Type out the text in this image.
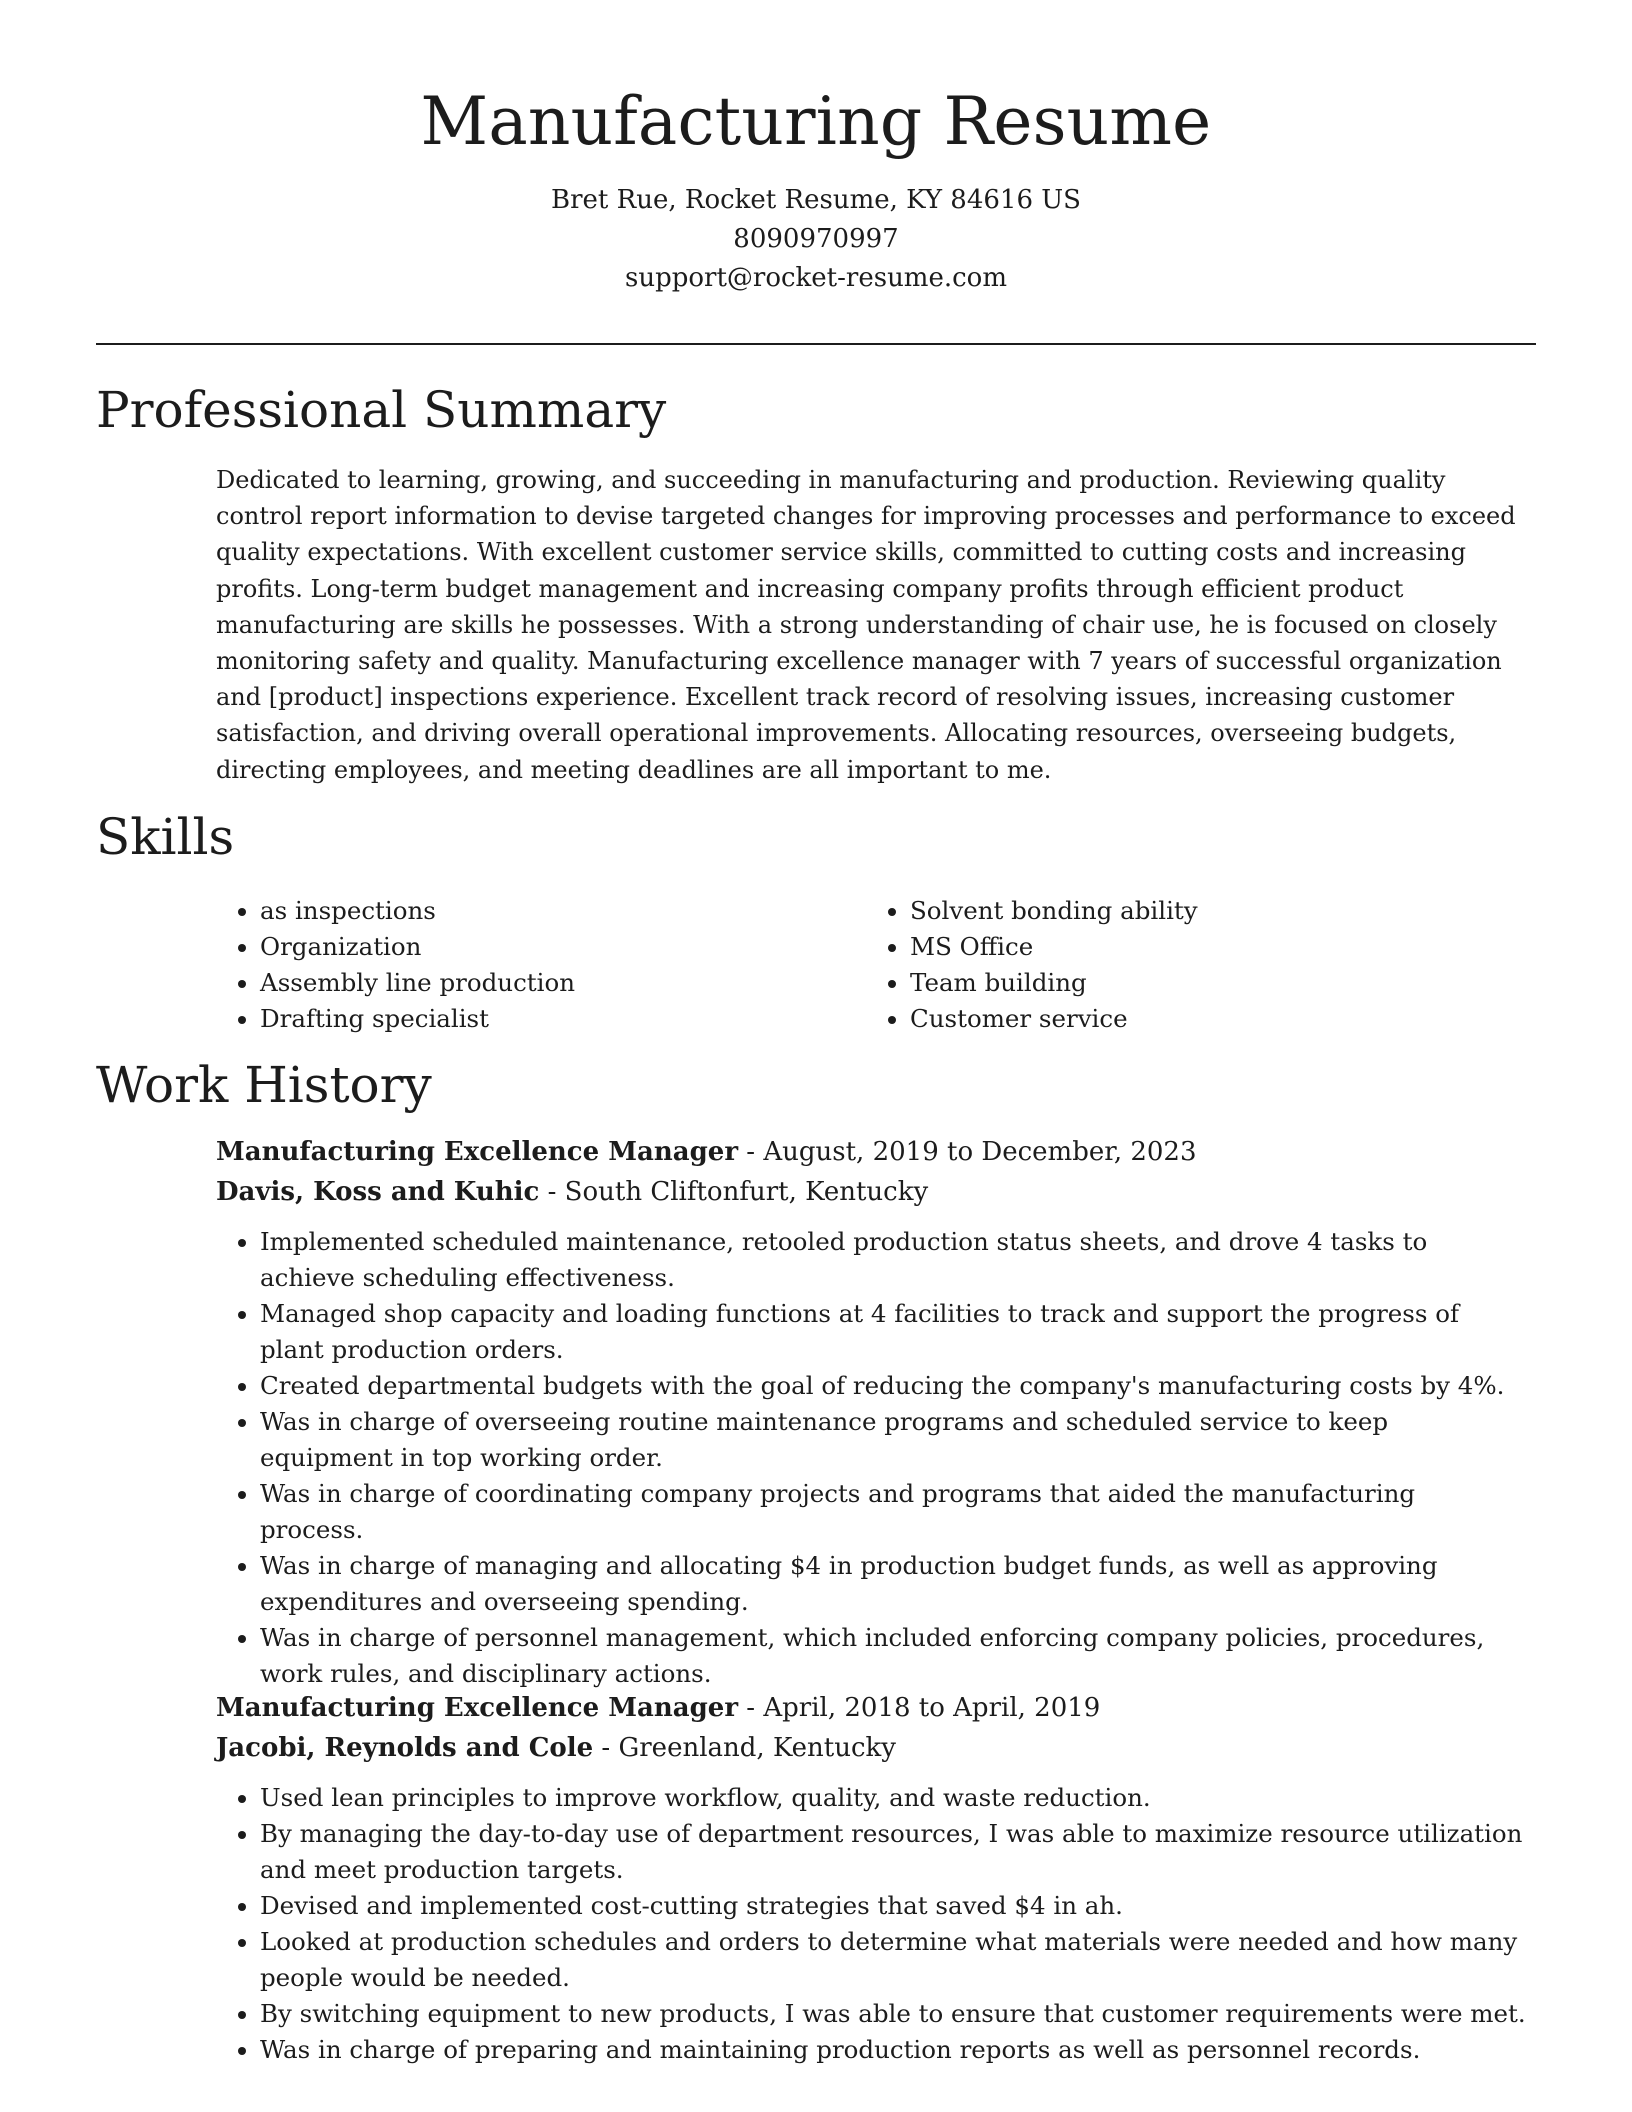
Manufacturing Resume

Bret Rue, Rocket Resume, KY 84616 US

8090970997

support@rocket-resume.com

Professional Summary

Dedicated to learning, growing, and succeeding in manufacturing and production. Reviewing quality control report information to devise targeted changes for improving processes and performance to exceed quality expectations. With excellent customer service skills, committed to cutting costs and increasing profits. Long-term budget management and increasing company profits through efficient product manufacturing are skills he possesses. With a strong understanding of chair use, he is focused on closely monitoring safety and quality. Manufacturing excellence manager with 7 years of successful organization and [product] inspections experience. Excellent track record of resolving issues, increasing customer satisfaction, and driving overall operational improvements. Allocating resources, overseeing budgets, directing employees, and meeting deadlines are all important to me.

Skills
• as inspections
• Organization
• Assembly line production
• Drafting specialist
• Solvent bonding ability
• MS Office
• Team building
• Customer service
Work History

Manufacturing Excellence Manager - August, 2019 to December, 2023

Davis, Koss and Kuhic - South Cliftonfurt, Kentucky

• Implemented scheduled maintenance, retooled production status sheets, and drove 4 tasks to achieve scheduling effectiveness.
• Managed shop capacity and loading functions at 4 facilities to track and support the progress of plant production orders.
• Created departmental budgets with the goal of reducing the company's manufacturing costs by 4%.
• Was in charge of overseeing routine maintenance programs and scheduled service to keep equipment in top working order.
• Was in charge of coordinating company projects and programs that aided the manufacturing process.
• Was in charge of managing and allocating $4 in production budget funds, as well as approving expenditures and overseeing spending.
• Was in charge of personnel management, which included enforcing company policies, procedures, work rules, and disciplinary actions.

Manufacturing Excellence Manager - April, 2018 to April, 2019

Jacobi, Reynolds and Cole - Greenland, Kentucky

• Used lean principles to improve workflow, quality, and waste reduction.
• By managing the day-to-day use of department resources, I was able to maximize resource utilization and meet production targets.
• Devised and implemented cost-cutting strategies that saved $4 in ah.
• Looked at production schedules and orders to determine what materials were needed and how many people would be needed.
• By switching equipment to new products, I was able to ensure that customer requirements were met.
• Was in charge of preparing and maintaining production reports as well as personnel records.
